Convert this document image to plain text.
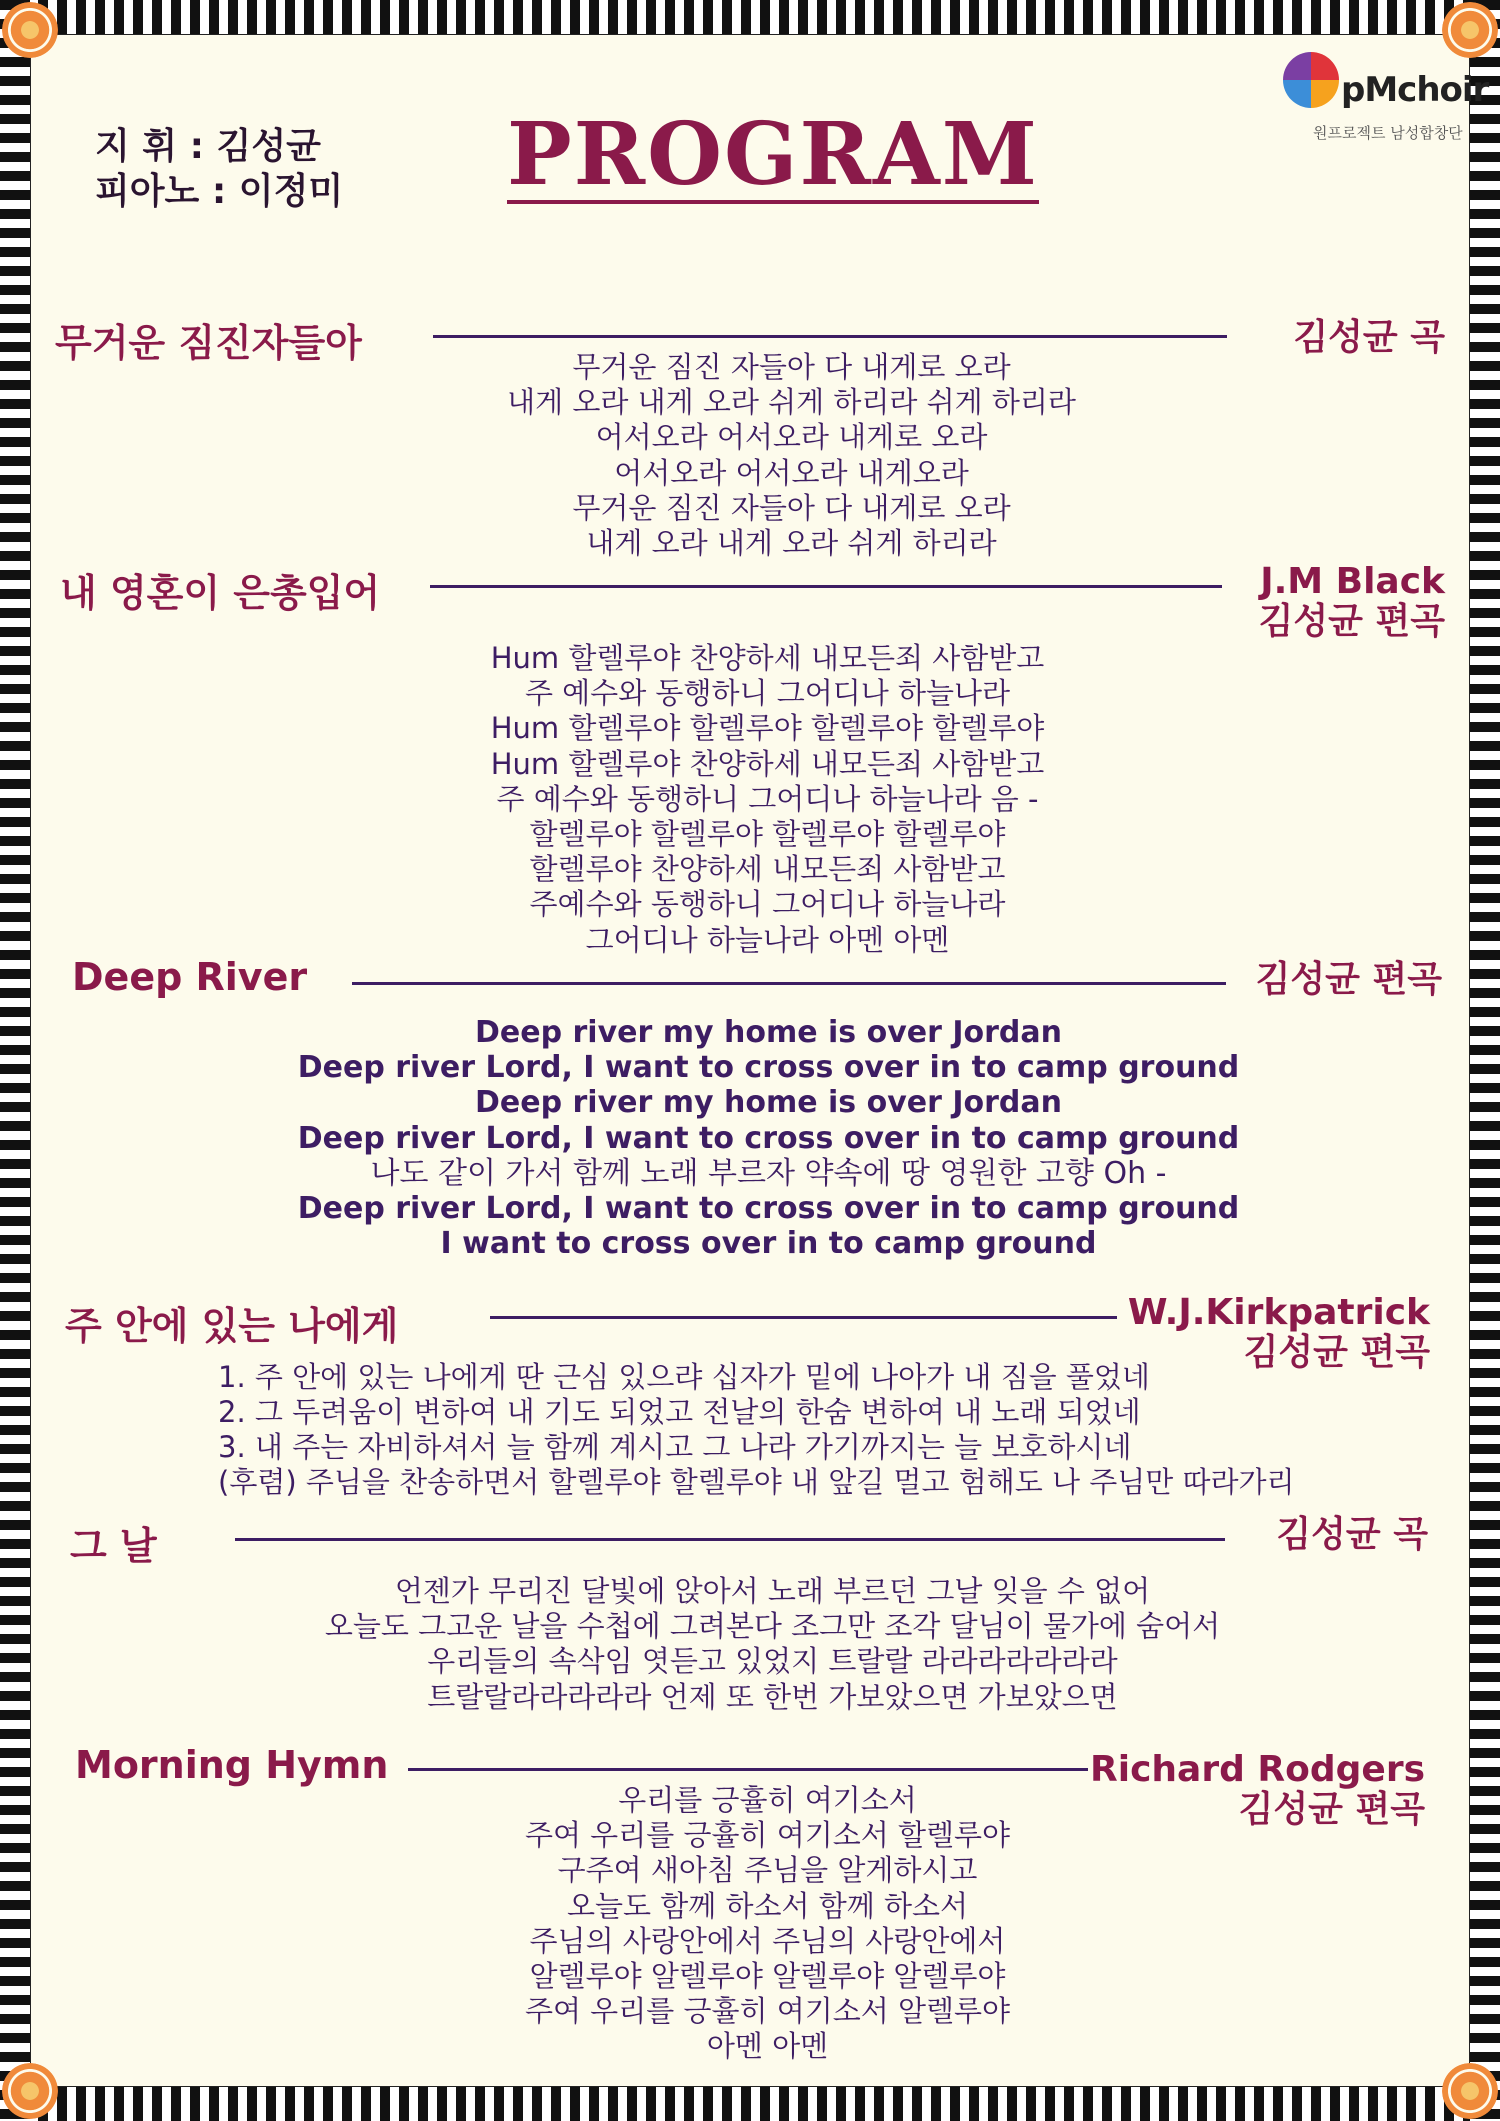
지 휘 : 김성균
피아노 : 이정미 PROGRAM
pMchoir
원프로젝트 남성합창단
무거운 짐진자들아	김성균 곡
무거운 짐진 자들아 다 내게로 오라
내게 오라 내게 오라 쉬게 하리라 쉬게 하리라
어서오라 어서오라 내게로 오라
어서오라 어서오라 내게오라
무거운 짐진 자들아 다 내게로 오라
내게 오라 내게 오라 쉬게 하리라
내 영혼이 은총입어	J.M Black
김성균 편곡
Hum 할렐루야 찬양하세 내모든죄 사함받고
주 예수와 동행하니 그어디나 하늘나라
Hum 할렐루야 할렐루야 할렐루야 할렐루야
Hum 할렐루야 찬양하세 내모든죄 사함받고
주 예수와 동행하니 그어디나 하늘나라 음 -
할렐루야 할렐루야 할렐루야 할렐루야
할렐루야 찬양하세 내모든죄 사함받고
주예수와 동행하니 그어디나 하늘나라
그어디나 하늘나라 아멘 아멘
Deep River	김성균 편곡
Deep river my home is over Jordan
Deep river Lord, I want to cross over in to camp ground
Deep river my home is over Jordan
Deep river Lord, I want to cross over in to camp ground
나도 같이 가서 함께 노래 부르자 약속에 땅 영원한 고향 Oh -
Deep river Lord, I want to cross over in to camp ground
I want to cross over in to camp ground
주 안에 있는 나에게	W.J.Kirkpatrick
김성균 편곡
1. 주 안에 있는 나에게 딴 근심 있으랴 십자가 밑에 나아가 내 짐을 풀었네
2. 그 두려움이 변하여 내 기도 되었고 전날의 한숨 변하여 내 노래 되었네
3. 내 주는 자비하셔서 늘 함께 계시고 그 나라 가기까지는 늘 보호하시네
(후렴) 주님을 찬송하면서 할렐루야 할렐루야 내 앞길 멀고 험해도 나 주님만 따라가리
그 날	김성균 곡
언젠가 무리진 달빛에 앉아서 노래 부르던 그날 잊을 수 없어
오늘도 그고운 날을 수첩에 그려본다 조그만 조각 달님이 물가에 숨어서
우리들의 속삭임 엿듣고 있었지 트랄랄 라라라라라라라
트랄랄라라라라라 언제 또 한번 가보았으면 가보았으면
Morning Hymn	Richard Rodgers
김성균 편곡
우리를 긍휼히 여기소서
주여 우리를 긍휼히 여기소서 할렐루야
구주여 새아침 주님을 알게하시고
오늘도 함께 하소서 함께 하소서
주님의 사랑안에서 주님의 사랑안에서
알렐루야 알렐루야 알렐루야 알렐루야
주여 우리를 긍휼히 여기소서 알렐루야
아멘 아멘
